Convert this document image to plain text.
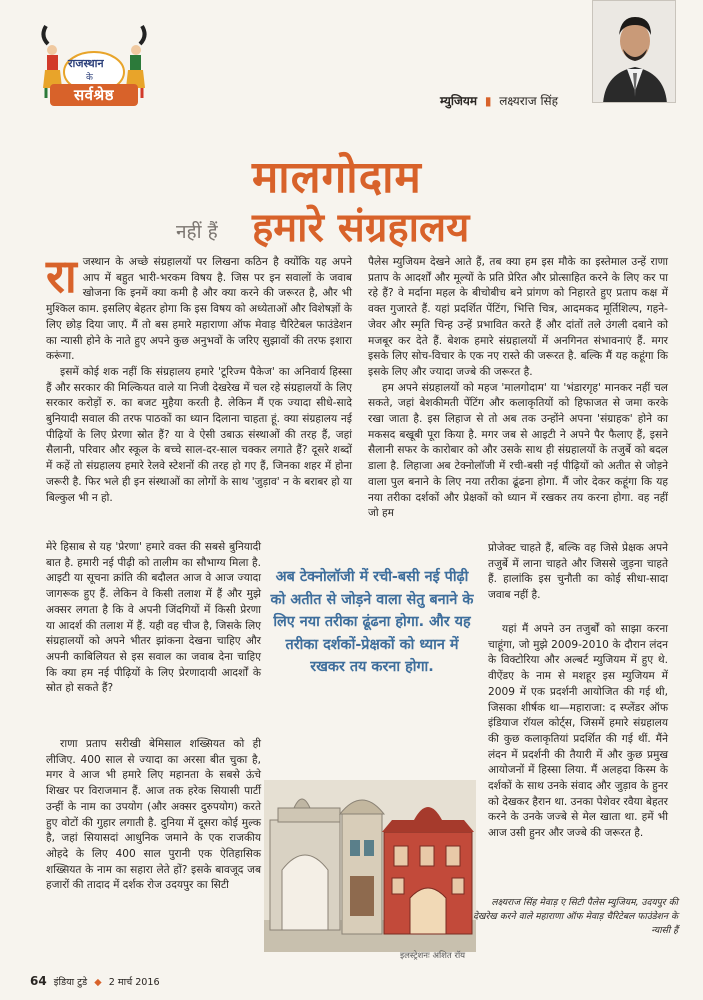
राजस्थान
के
सर्वश्रेष्ठ	म्युजियम ▮ लक्ष्यराज सिंह
मालगोदाम
नहीं हैं हमारे संग्रहालय

राजस्थान के अच्छे संग्रहालयों पर लिखना कठिन है क्योंकि यह अपने आप में बहुत भारी-भरकम विषय है. जिस पर इन सवालों के जवाब खोजना कि इनमें क्या कमी है और क्या करने की जरूरत है, और भी मुश्किल काम. इसलिए बेहतर होगा कि इस विषय को अध्येताओं और विशेषज्ञों के लिए छोड़ दिया जाए. मैं तो बस हमारे महाराणा ऑफ मेवाड़ चैरिटेबल फाउंडेशन का न्यासी होने के नाते हुए अपने कुछ अनुभवों के जरिए सुझावों की तरफ इशारा करूंगा.

इसमें कोई शक नहीं कि संग्रहालय हमारे 'टूरिज्म पैकेज' का अनिवार्य हिस्सा हैं और सरकार की मिल्कियत वाले या निजी देखरेख में चल रहे संग्रहालयों के लिए सरकार करोड़ों रु. का बजट मुहैया करती है. लेकिन मैं एक ज्यादा सीधे-सादे बुनियादी सवाल की तरफ पाठकों का ध्यान दिलाना चाहता हूं. क्या संग्रहालय नई पीढ़ियों के लिए प्रेरणा स्रोत हैं? या वे ऐसी उबाऊ संस्थाओं की तरह हैं, जहां सैलानी, परिवार और स्कूल के बच्चे साल-दर-साल चक्कर लगाते हैं? दूसरे शब्दों में कहें तो संग्रहालय हमारे रेलवे स्टेशनों की तरह हो गए हैं, जिनका शहर में होना जरूरी है. फिर भले ही इन संस्थाओं का लोगों के साथ 'जुड़ाव' न के बराबर हो या बिल्कुल भी न हो.

मेरे हिसाब से यह 'प्रेरणा' हमारे वक्त की सबसे बुनियादी बात है. हमारी नई पीढ़ी को तालीम का सौभाग्य मिला है. आइटी या सूचना क्रांति की बदौलत आज वे आज ज्यादा जागरूक हुए हैं. लेकिन वे किसी तलाश में हैं और मुझे अक्सर लगता है कि वे अपनी जिंदगियों में किसी प्रेरणा या आदर्श की तलाश में हैं. यही वह चीज है, जिसके लिए संग्रहालयों को अपने भीतर झांकना देखना चाहिए और अपनी काबिलियत से इस सवाल का जवाब देना चाहिए कि क्या हम नई पीढ़ियों के लिए प्रेरणादायी आदर्शों के स्रोत हो सकते हैं?

राणा प्रताप सरीखी बेमिसाल शख्सियत को ही लीजिए. 400 साल से ज्यादा का अरसा बीत चुका है, मगर वे आज भी हमारे लिए महानता के सबसे ऊंचे शिखर पर विराजमान हैं. आज तक हरेक सियासी पार्टी उन्हीं के नाम का उपयोग (और अक्सर दुरुपयोग) करते हुए वोटों की गुहार लगाती है. दुनिया में दूसरा कोई मुल्क है, जहां सियासदां आधुनिक जमाने के एक राजकीय ओहदे के लिए 400 साल पुरानी एक ऐतिहासिक शख्सियत के नाम का सहारा लेते हों? इसके बावजूद जब हजारों की तादाद में दर्शक रोज उदयपुर का सिटी

पैलेस म्युजियम देखने आते हैं, तब क्या हम इस मौके का इस्तेमाल उन्हें राणा प्रताप के आदर्शों और मूल्यों के प्रति प्रेरित और प्रोत्साहित करने के लिए कर पा रहे हैं? वे मर्दाना महल के बीचोबीच बने प्रांगण को निहारते हुए प्रताप कक्ष में वक्त गुजारते हैं. यहां प्रदर्शित पेंटिंग, भित्ति चित्र, आदमकद मूर्तिशिल्प, गहने-जेवर और स्मृति चिन्ह उन्हें प्रभावित करते हैं और दांतों तले उंगली दबाने को मजबूर कर देते हैं. बेशक हमारे संग्रहालयों में अनगिनत संभावनाएं हैं. मगर इसके लिए सोच-विचार के एक नए रास्ते की जरूरत है. बल्कि मैं यह कहूंगा कि इसके लिए और ज्यादा जज्बे की जरूरत है.

हम अपने संग्रहालयों को महज 'मालगोदाम' या 'भंडारगृह' मानकर नहीं चल सकते, जहां बेशकीमती पेंटिंग और कलाकृतियों को हिफाजत से जमा करके रखा जाता है. इस लिहाज से तो अब तक उन्होंने अपना 'संग्राहक' होने का मकसद बखूबी पूरा किया है. मगर जब से आइटी ने अपने पैर फैलाए हैं, इसने सैलानी सफर के कारोबार को और उसके साथ ही संग्रहालयों के तजुर्बे को बदल डाला है. लिहाजा अब टेक्नोलॉजी में रची-बसी नई पीढ़ियों को अतीत से जोड़ने वाला पुल बनाने के लिए नया तरीका ढूंढना होगा. मैं जोर देकर कहूंगा कि यह नया तरीका दर्शकों और प्रेक्षकों को ध्यान में रखकर तय करना होगा. वह नहीं जो हम

प्रोजेक्ट चाहते हैं, बल्कि वह जिसे प्रेक्षक अपने तजुर्बे में लाना चाहते और जिससे जुड़ना चाहते हैं. हालांकि इस चुनौती का कोई सीधा-सादा जवाब नहीं है.

यहां मैं अपने उन तजुर्बों को साझा करना चाहूंगा, जो मुझे 2009-2010 के दौरान लंदन के विक्टोरिया और अल्बर्ट म्युजियम में हुए थे. वीऐंडए के नाम से मशहूर इस म्युजियम में 2009 में एक प्रदर्शनी आयोजित की गई थी, जिसका शीर्षक था—महाराजा: द स्प्लेंडर ऑफ इंडियाज रॉयल कोर्ट्स, जिसमें हमारे संग्रहालय की कुछ कलाकृतियां प्रदर्शित की गई थीं. मैंने लंदन में प्रदर्शनी की तैयारी में और कुछ प्रमुख आयोजनों में हिस्सा लिया. मैं अलहदा किस्म के दर्शकों के साथ उनके संवाद और जुड़ाव के हुनर को देखकर हैरान था. उनका पेशेवर रवैया बेहतर करने के उनके जज्बे से मेल खाता था. हमें भी आज उसी हुनर और जज्बे की जरूरत है.

अब टेक्नोलॉजी में रची-बसी नई पीढ़ी को अतीत से जोड़ने वाला सेतु बनाने के लिए नया तरीका ढूंढना होगा. और यह तरीका दर्शकों-प्रेक्षकों को ध्यान में रखकर तय करना होगा.
इलस्ट्रेशनः अशित रॉय
लक्ष्यराज सिंह मेवाड़ ए सिटी पैलेस म्युजियम, उदयपुर की देखरेख करने वाले महाराणा ऑफ मेवाड़ चैरिटेबल फाउंडेशन के न्यासी हैं
64 इंडिया टुडे ◆ 2 मार्च 2016
